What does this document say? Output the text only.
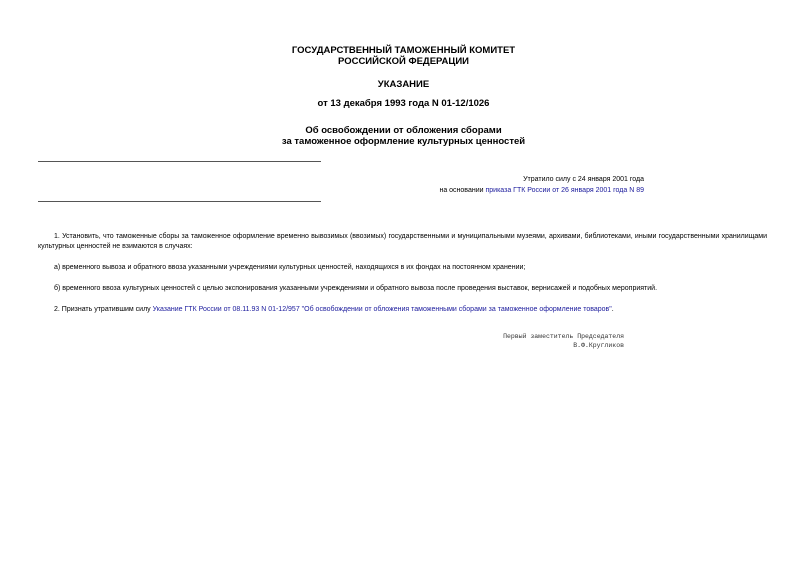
ГОСУДАРСТВЕННЫЙ ТАМОЖЕННЫЙ КОМИТЕТ
РОССИЙСКОЙ ФЕДЕРАЦИИ
УКАЗАНИЕ
от 13 декабря 1993 года N 01-12/1026
Об освобождении от обложения сборами
за таможенное оформление культурных ценностей
Утратило силу с 24 января 2001 года
на основании приказа ГТК России от 26 января 2001 года N 89
1. Установить, что таможенные сборы за таможенное оформление временно вывозимых (ввозимых) государственными и муниципальными музеями, архивами, библиотеками, иными государственными хранилищами культурных ценностей не взимаются в случаях:
а) временного вывоза и обратного ввоза указанными учреждениями культурных ценностей, находящихся в их фондах на постоянном хранении;
б) временного ввоза культурных ценностей с целью экспонирования указанными учреждениями и обратного вывоза после проведения выставок, вернисажей и подобных мероприятий.
2. Признать утратившим силу Указание ГТК России от 08.11.93 N 01-12/957 "Об освобождении от обложения таможенными сборами за таможенное оформление товаров".
Первый заместитель Председателя
В.Ф.Кругликов
